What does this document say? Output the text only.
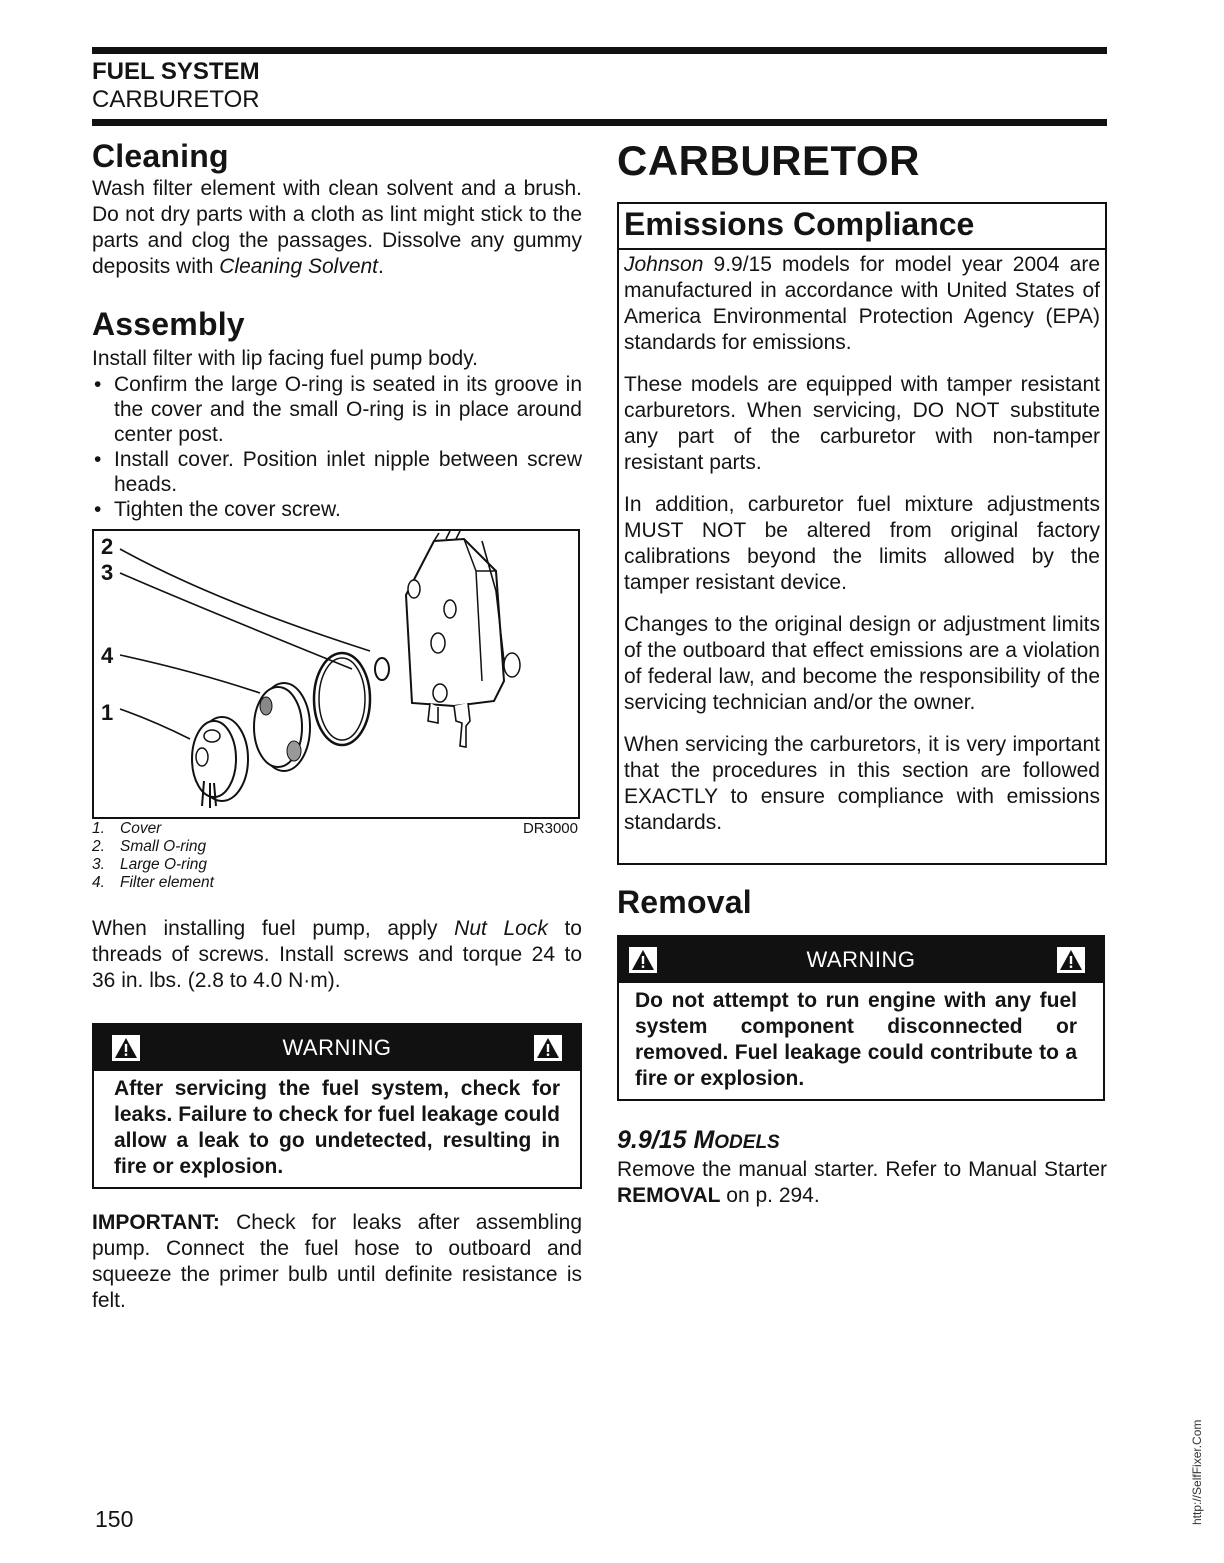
FUEL SYSTEM
CARBURETOR
Cleaning

Wash filter element with clean solvent and a brush. Do not dry parts with a cloth as lint might stick to the parts and clog the passages. Dissolve any gummy deposits with Cleaning Solvent.

Assembly

Install filter with lip facing fuel pump body.

• Confirm the large O-ring is seated in its groove in the cover and the small O-ring is in place around center post.
• Install cover. Position inlet nipple between screw heads.
• Tighten the cover screw.
2
3
4
1
1. Cover
2. Small O-ring
3. Large O-ring
4. Filter element
DR3000

When installing fuel pump, apply Nut Lock to threads of screws. Install screws and torque 24 to 36 in. lbs. (2.8 to 4.0 N·m).

WARNING
After servicing the fuel system, check for leaks. Failure to check for fuel leakage could allow a leak to go undetected, resulting in fire or explosion.

IMPORTANT: Check for leaks after assembling pump. Connect the fuel hose to outboard and squeeze the primer bulb until definite resistance is felt.

CARBURETOR
Emissions Compliance

Johnson 9.9/15 models for model year 2004 are manufactured in accordance with United States of America Environmental Protection Agency (EPA) standards for emissions.

These models are equipped with tamper resistant carburetors. When servicing, DO NOT substitute any part of the carburetor with non-tamper resistant parts.

In addition, carburetor fuel mixture adjustments MUST NOT be altered from original factory calibrations beyond the limits allowed by the tamper resistant device.

Changes to the original design or adjustment limits of the outboard that effect emissions are a violation of federal law, and become the responsibility of the servicing technician and/or the owner.

When servicing the carburetors, it is very important that the procedures in this section are followed EXACTLY to ensure compliance with emissions standards.

Removal
WARNING
Do not attempt to run engine with any fuel system component disconnected or removed. Fuel leakage could contribute to a fire or explosion.
9.9/15 MODELS

Remove the manual starter. Refer to Manual Starter REMOVAL on p. 294.

150	http://SelfFixer.Com
